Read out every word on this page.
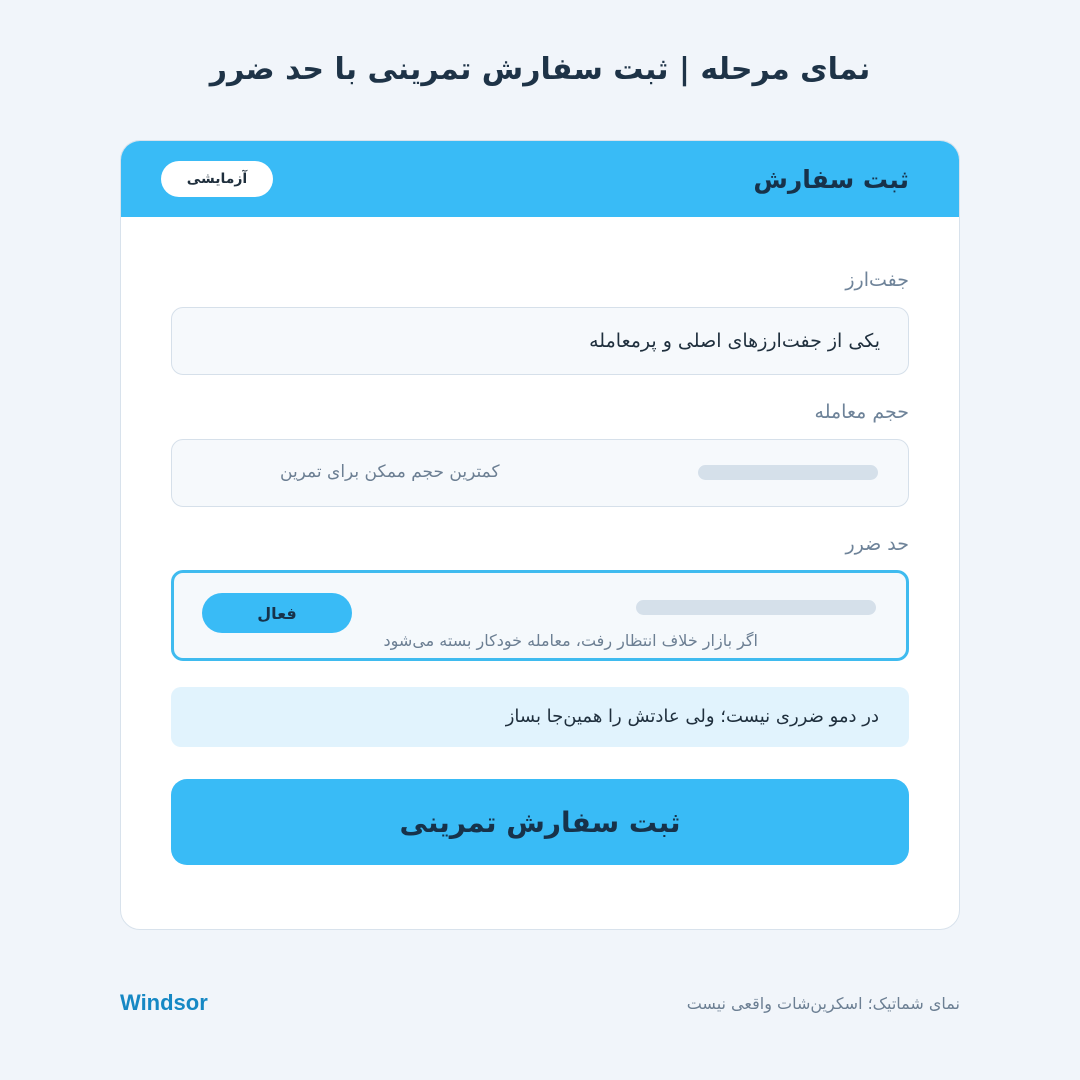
نمای مرحله | ثبت سفارش تمرینی با حد ضرر
ثبت سفارش
آزمایشی
جفت‌ارز
یکی از جفت‌ارزهای اصلی و پرمعامله
حجم معامله
کمترین حجم ممکن برای تمرین
حد ضرر
فعال
اگر بازار خلاف انتظار رفت، معامله خودکار بسته می‌شود
در دمو ضرری نیست؛ ولی عادتش را همین‌جا بساز
ثبت سفارش تمرینی
Windsor	نمای شماتیک؛ اسکرین‌شات واقعی نیست
